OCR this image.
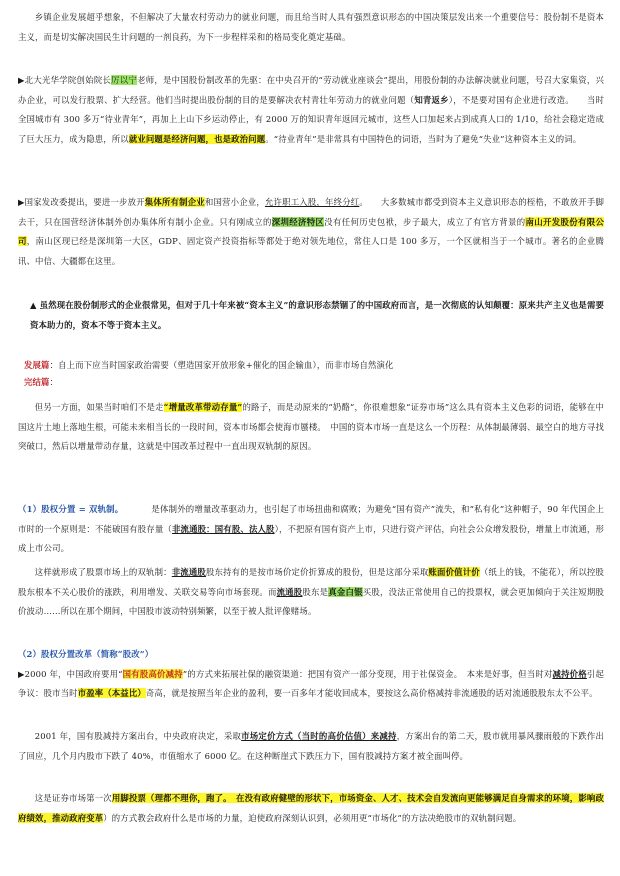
乡镇企业发展超乎想象，不但解决了大量农村劳动力的就业问题，而且给当时人具有强烈意识形态的中国决策层发出来一个重要信号：股份制不是资本主义，而是切实解决国民生计问题的一剂良药，为下一步程样采和的格局变化奠定基础。
▶北大光华学院创始院长厉以宁老师，是中国股份制改革的先驱：在中央召开的“劳动就业座谈会”提出，用股份制的办法解决就业问题，号召大家集资，兴办企业，可以发行股票、扩大经营。他们当时提出股份制的目的是要解决农村青壮年劳动力的就业问题（知青返乡），不是要对国有企业进行改造。　　当时全国城市有 300 多万“待业青年”，再加上上山下乡运动停止，有 2000 万的知识青年返回元城市，这些人口加起来占到成真人口的 1/10，给社会稳定造成了巨大压力，成为隐患，所以就业问题是经济问题，也是政治问题。“待业青年”是非常具有中国特色的词语，当时为了避免“失业”这种资本主义的词。
▶国家发改委提出，要进一步放开集体所有制企业和国营小企业，允许职工入股，年终分红。　　大多数城市都受到资本主义意识形态的桎梏，不敢放开手脚去干，只在国营经济体制外创办集体所有制小企业。只有刚成立的深圳经济特区没有任何历史包袱，步子最大，成立了有官方背景的南山开发股份有限公司，南山区现已经是深圳第一大区，GDP、固定资产投资指标等都处于绝对领先地位，常住人口是 100 多万，一个区就相当于一个城市。著名的企业腾讯、中信、大疆都在这里。
▲ 虽然现在股份制形式的企业很常见，但对于几十年来被“资本主义”的意识形态禁锢了的中国政府而言，是一次彻底的认知颠覆：原来共产主义也是需要资本助力的，资本不等于资本主义。
发展篇：自上而下应当时国家政治需要（塑造国家开放形象+催化的国企输血），而非市场自然演化
完结篇：
但另一方面，如果当时咱们不是走“增量改革带动存量”的路子，而是动原来的“奶酪”，你很难想象“证券市场”这么具有资本主义色彩的词语，能够在中国这片土地上落地生根，可能未来相当长的一段时间，资本市场都会使海市蜃楼。　中国的资本市场一直是这么一个历程：从体制最薄弱、最空白的地方寻找突破口，然后以增量带动存量，这就是中国改革过程中一直出现双轨制的原因。
（1）股权分置 = 双轨制。	是体制外的增量改革驱动力，也引起了市场扭曲和腐败；为避免“国有资产”流失，和“私有化”这种帽子，90 年代国企上市时的一个原则是：不能破国有股存量（非流通股：国有股、法人股），不把原有国有资产上市，只进行资产评估，向社会公众增发股份，增量上市流通，形成上市公司。
这样就形成了股票市场上的双轨制：非流通股股东持有的是按市场价定价折算成的股份，但是这部分采取账面价值计价（纸上的钱，不能花），所以控股股东根本不关心股价的涨跌，利用增发、关联交易等向市场套现。而流通股股东是真金白银买股，没法正常使用自己的投票权，就会更加倾向于关注短期股价波动……所以在那个期间，中国股市波动特别频繁，以至于被人批评像赌场。
（2）股权分置改革（简称“股改”）
▶2000 年，中国政府要用“国有股高价减持”的方式来拓展社保的融资渠道：把国有资产一部分变现，用于社保资金。　本来是好事，但当时对减持价格引起争议：股市当时市盈率（本益比）奇高，就是按照当年企业的盈利，要一百多年才能收回成本，要按这么高价格减持非流通股的话对流通股股东太不公平。
2001 年，国有股减持方案出台，中央政府决定，采取市场定价方式（当时的高价估值）来减持，方案出台的第二天，股市就用暴风骤雨般的下跌作出了回应，几个月内股市下跌了 40%，市值缩水了 6000 亿。在这种断崖式下跌压力下，国有股减持方案才被全面叫停。
这是证券市场第一次用脚投票（理都不理你，跑了。　在没有政府健壁的形状下，市场资金、人才、技术会自发流向更能够满足自身需求的环境，影响政府绩效，推动政府变革）的方式教会政府什么是市场的力量，迫使政府深刻认识到，必须用更“市场化”的方法决绝股市的双轨制问题。
